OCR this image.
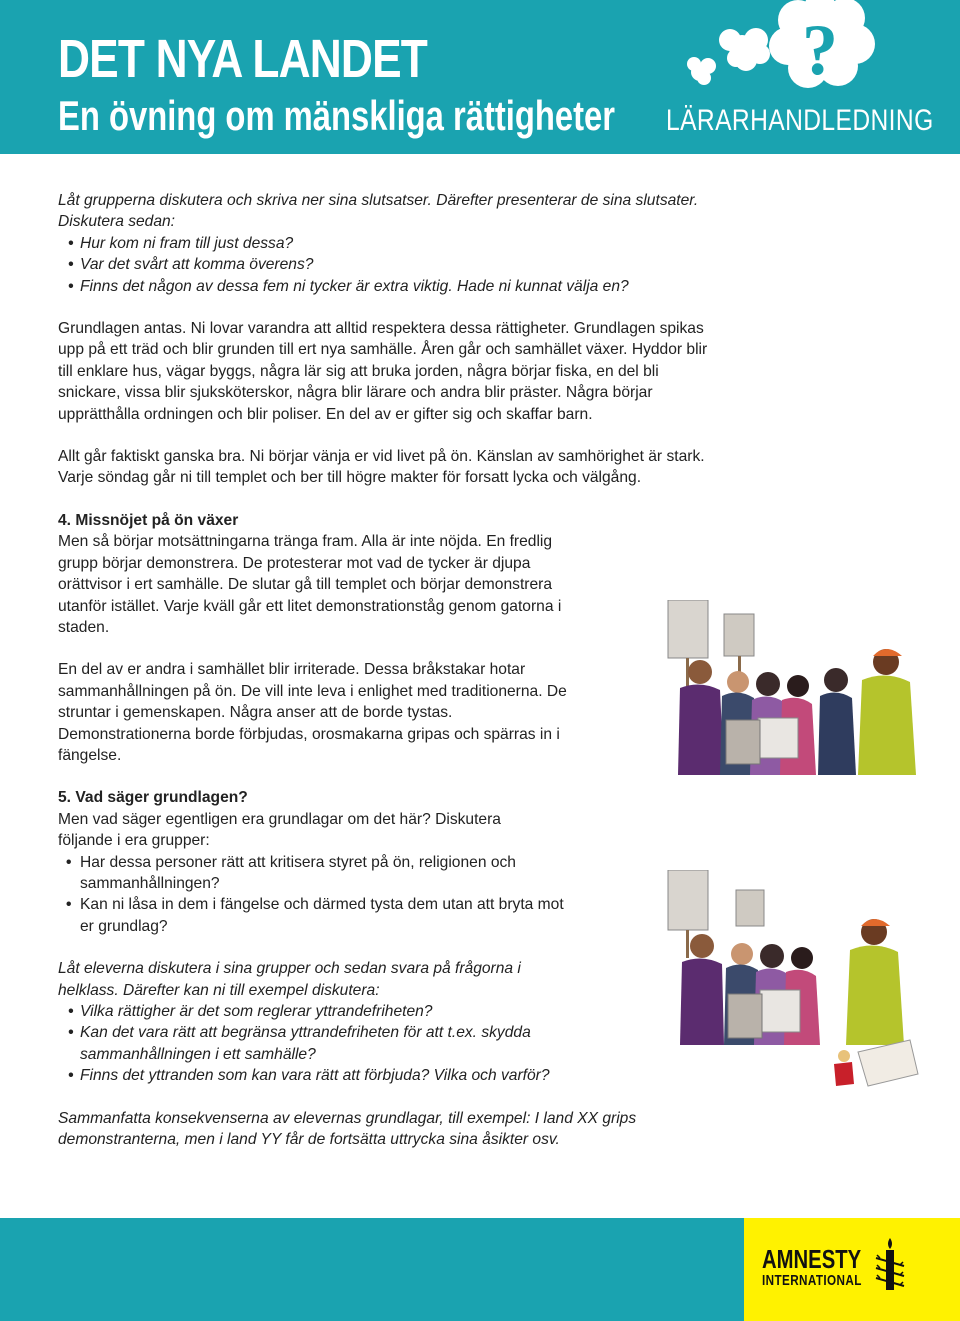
DET NYA LANDET
En övning om mänskliga rättigheter LÄRARHANDLEDNING
?
Låt grupperna diskutera och skriva ner sina slutsatser. Därefter presenterar de sina slutsater. Diskutera sedan:
• Hur kom ni fram till just dessa?
• Var det svårt att komma överens?
• Finns det någon av dessa fem ni tycker är extra viktig. Hade ni kunnat välja en?
Grundlagen antas. Ni lovar varandra att alltid respektera dessa rättigheter. Grundlagen spikas upp på ett träd och blir grunden till ert nya samhälle. Åren går och samhället växer. Hyddor blir till enklare hus, vägar byggs, några lär sig att bruka jorden, några börjar fiska, en del bli snickare, vissa blir sjuksköterskor, några blir lärare och andra blir präster. Några börjar upprätthålla ordningen och blir poliser. En del av er gifter sig och skaffar barn.
Allt går faktiskt ganska bra. Ni börjar vänja er vid livet på ön. Känslan av samhörighet är stark. Varje söndag går ni till templet och ber till högre makter för forsatt lycka och välgång.
4. Missnöjet på ön växer
Men så börjar motsättningarna tränga fram. Alla är inte nöjda. En fredlig grupp börjar demonstrera. De protesterar mot vad de tycker är djupa orättvisor i ert samhälle. De slutar gå till templet och börjar demonstrera utanför istället. Varje kväll går ett litet demonstrationståg genom gatorna i staden.
En del av er andra i samhället blir irriterade. Dessa bråkstakar hotar sammanhållningen på ön. De vill inte leva i enlighet med traditionerna. De struntar i gemenskapen. Några anser att de borde tystas. Demonstrationerna borde förbjudas, orosmakarna gripas och spärras in i fängelse.
5. Vad säger grundlagen?
Men vad säger egentligen era grundlagar om det här? Diskutera följande i era grupper:
• Har dessa personer rätt att kritisera styret på ön, religionen och sammanhållningen?
• Kan ni låsa in dem i fängelse och därmed tysta dem utan att bryta mot er grundlag?
Låt eleverna diskutera i sina grupper och sedan svara på frågorna i helklass. Därefter kan ni till exempel diskutera:
• Vilka rättigher är det som reglerar yttrandefriheten?
• Kan det vara rätt att begränsa yttrandefriheten för att t.ex. skydda sammanhållningen i ett samhälle?
• Finns det yttranden som kan vara rätt att förbjuda? Vilka och varför?
Sammanfatta konsekvenserna av elevernas grundlagar, till exempel: I land XX grips demonstranterna, men i land YY får de fortsätta uttrycka sina åsikter osv.
AMNESTY
INTERNATIONAL
